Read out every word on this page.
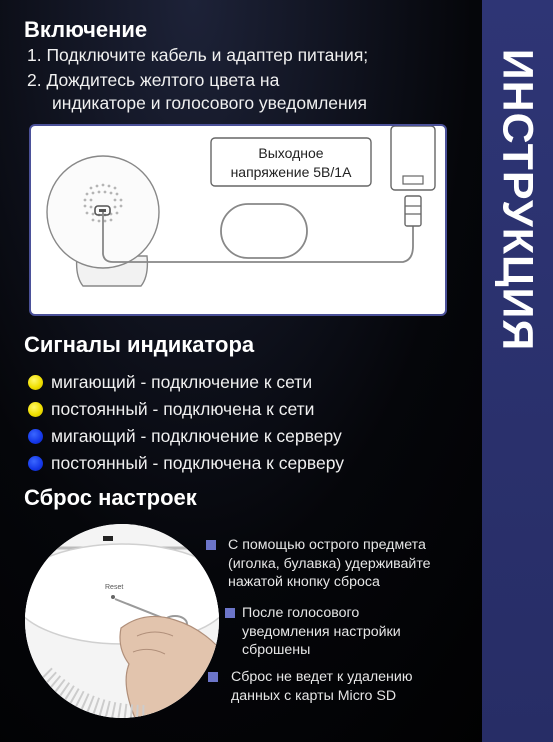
ИНСТРУКЦИЯ
Включение
1. Подключите кабель и адаптер питания;
2. Дождитесь желтого цвета на
индикаторе и голосового уведомления
Выходное
напряжение 5В/1А
Сигналы индикатора
мигающий - подключение к сети
постоянный - подключена к сети
мигающий - подключение к серверу
постоянный - подключена к серверу
Сброс настроек
Reset
С помощью острого предмета
(иголка, булавка) удерживайте
нажатой кнопку сброса
После голосового
уведомления настройки
сброшены
Сброс не ведет к удалению
данных с карты Micro SD
